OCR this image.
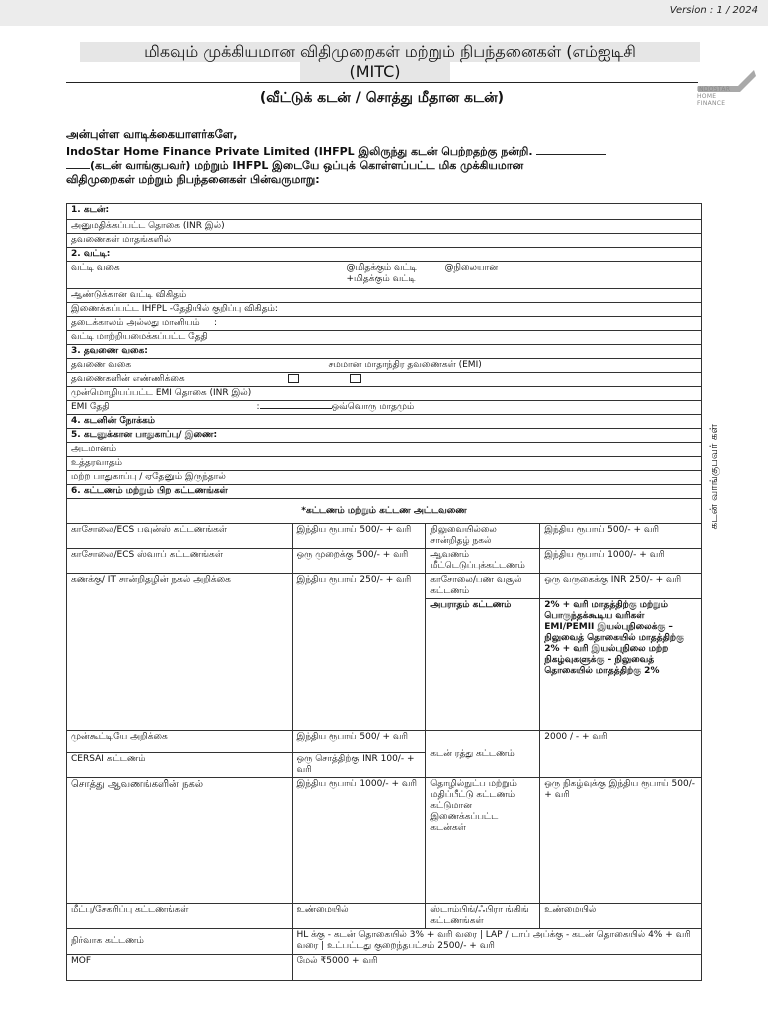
Version : 1 / 2024
மிகவும் முக்கியமான விதிமுறைகள் மற்றும் நிபந்தனைகள் (எம்ஐடிசி
(MITC)
(வீட்டுக் கடன் / சொத்து மீதான கடன்)
INDOSTAR
HOME
FINANCE
அன்புள்ள வாடிக்கையாளர்களே,
IndoStar Home Finance Private Limited (IHFPL இலிருந்து கடன் பெற்றதற்கு நன்றி.
(கடன் வாங்குபவர்) மற்றும் IHFPL இடையே ஒப்புக் கொள்ளப்பட்ட மிக முக்கியமான
விதிமுறைகள் மற்றும் நிபந்தனைகள் பின்வருமாறு:
1. கடன்:			
அனுமதிக்கப்பட்ட தொகை (INR இல்)			
தவணைகள் மாதங்களில்			
2. வட்டி:			
வட்டி வகை @மிதக்கும் வட்டி
+மிதக்கும் வட்டி
@நிலையான			

ஆண்டுக்கான வட்டி விகிதம்			
இணைக்கப்பட்ட IHFPL -தேதியில் குறிப்பு விகிதம்:			
தடைக்காலம் அல்லது மானியம் :			
வட்டி மாற்றியமைக்கப்பட்ட தேதி			
3. தவணை வகை:			
தவணை வகை சமமான மாதாந்திர தவணைகள் (EMI)			

தவணைகளின் எண்ணிக்கை			

முன்மொழியப்பட்ட EMI தொகை (INR இல்)			
EMI தேதி : ஒவ்வொரு மாதமும்			

4. கடனின் நோக்கம்			
5. கடனுக்கான பாதுகாப்பு/ இணை:			
அடமானம்			
உத்தரவாதம்			
மற்ற பாதுகாப்பு / ஏதேனும் இருந்தால்			
6. கட்டணம் மற்றும் பிற கட்டணங்கள்			
*கட்டணம் மற்றும் கட்டண அட்டவணை			
காசோலை/ECS பவுன்ஸ் கட்டணங்கள்	இந்திய ரூபாய் 500/- + வரி	நிலுவையில்லை சான்றிதழ் நகல்	இந்திய ரூபாய் 500/- + வரி
காசோலை/ECS ஸ்வாப் கட்டணங்கள்	ஒரு முறைக்கு 500/- + வரி	ஆவணம் மீட்டெடுப்புக்கட்டணம்	இந்திய ரூபாய் 1000/- + வரி
கணக்கு/ IT சான்றிதழின் நகல் அறிக்கை	இந்திய ரூபாய் 250/- + வரி	காசோலை/பண வசூல் கட்டணம்	ஒரு வருகைக்கு INR 250/- + வரி
		அபராதம் கட்டணம்	2% + வரி மாதத்திற்கு மற்றும் பொருந்தக்கூடிய வரிகள் EMI/PEMII இயல்புநிலைக்கு – நிலுவைத் தொகையில் மாதத்திற்கு 2% + வரி இயல்புநிலை மற்ற நிகழ்வுகளுக்கு - நிலுவைத் தொகையில் மாதத்திற்கு 2%
முன்கூட்டியே அறிக்கை	இந்திய ரூபாய் 500/ + வரி	கடன் ரத்து கட்டணம்	2000 / - + வரி
CERSAI கட்டணம்	ஒரு சொத்திற்கு INR 100/- + வரி		
சொத்து ஆவணங்களின் நகல்	இந்திய ரூபாய் 1000/- + வரி	தொழில்நுட்ப மற்றும் மதிப்பீட்டு கட்டணம் கட்டுமான இணைக்கப்பட்ட கடன்கள்	ஒரு நிகழ்வுக்கு இந்திய ரூபாய் 500/- + வரி
மீட்பு/சேகரிப்பு கட்டணங்கள்	உண்மையில்	ஸ்டாம்பிங்/ஃபிரா ங்கிங் கட்டணங்கள்	உண்மையில்
நிர்வாக கட்டணம்	HL க்கு - கடன் தொகையில் 3% + வரி வரை | LAP / டாப் அப்க்கு - கடன் தொகையில் 4% + வரி வரை | உட்பட்டது குறைந்தபட்சம் 2500/- + வரி		
MOF	மேல் ₹5000 + வரி		
கடன் வாங்குபவர் கள்
